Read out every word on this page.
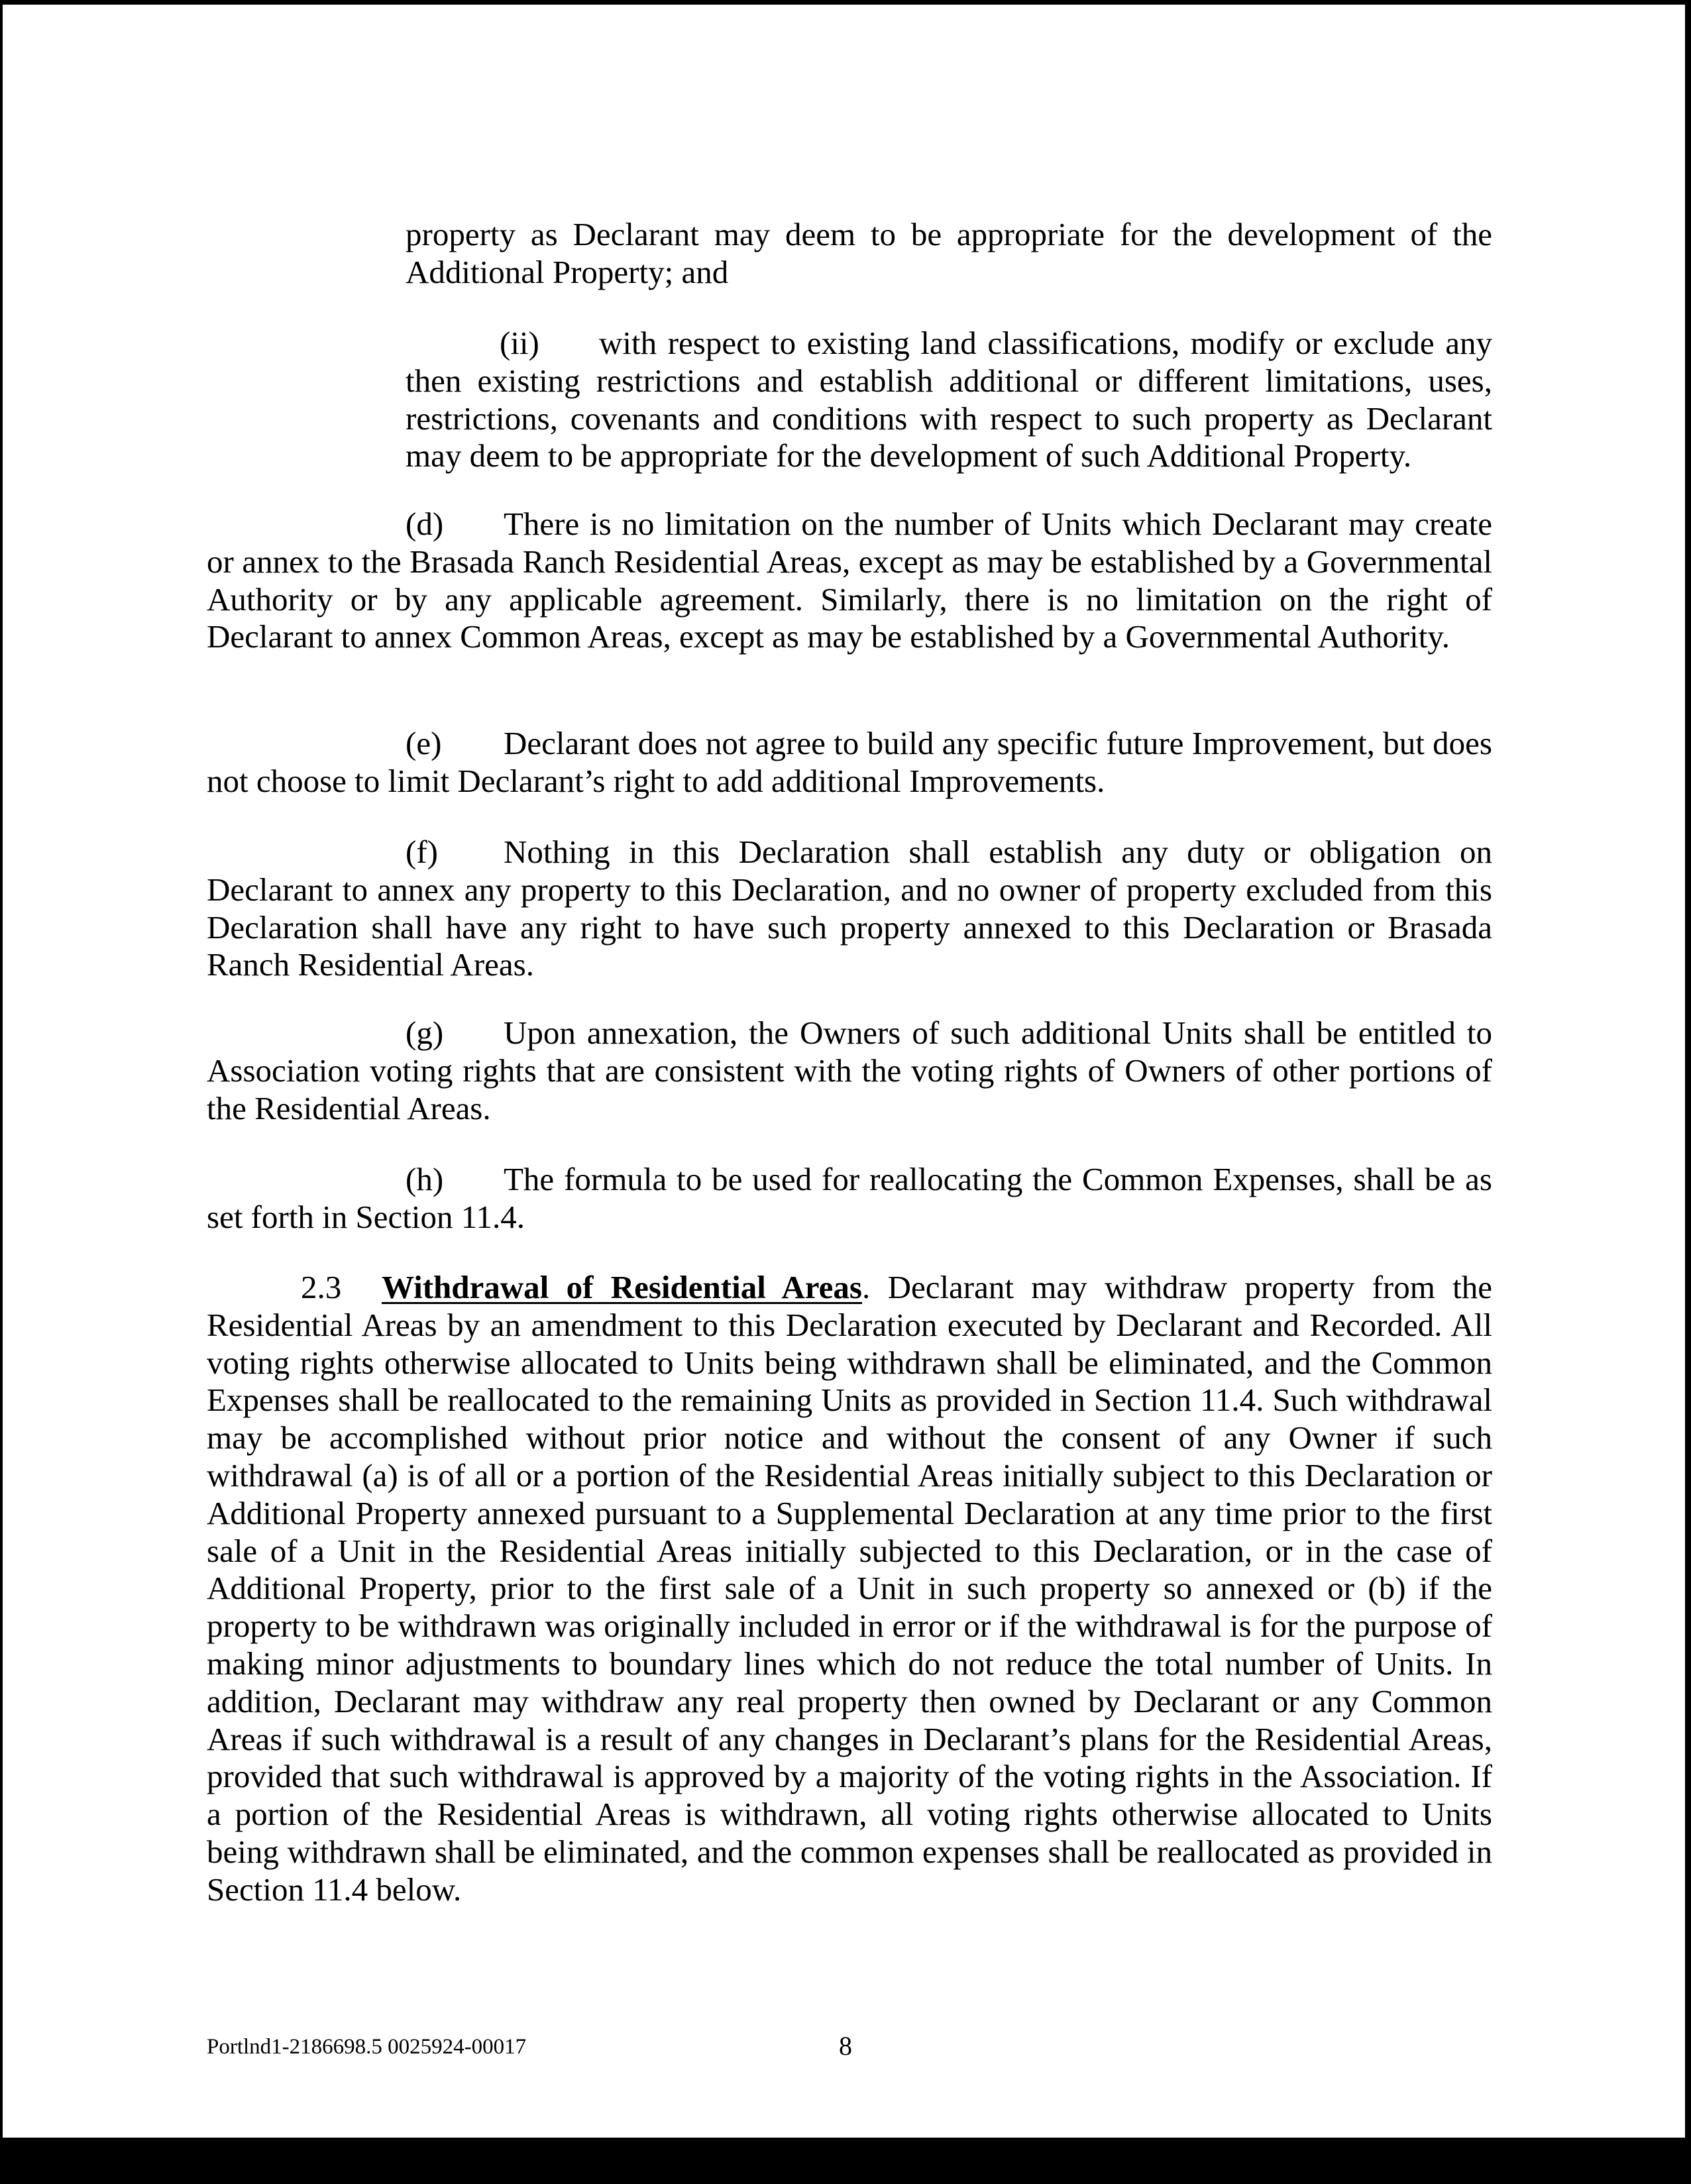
property as Declarant may deem to be appropriate for the development of the Additional Property; and

(ii) with respect to existing land classifications, modify or exclude any then existing restrictions and establish additional or different limitations, uses, restrictions, covenants and conditions with respect to such property as Declarant may deem to be appropriate for the development of such Additional Property.

(d) There is no limitation on the number of Units which Declarant may create or annex to the Brasada Ranch Residential Areas, except as may be established by a Governmental Authority or by any applicable agreement. Similarly, there is no limitation on the right of Declarant to annex Common Areas, except as may be established by a Governmental Authority.

(e) Declarant does not agree to build any specific future Improvement, but does not choose to limit Declarant’s right to add additional Improvements.

(f) Nothing in this Declaration shall establish any duty or obligation on Declarant to annex any property to this Declaration, and no owner of property excluded from this Declaration shall have any right to have such property annexed to this Declaration or Brasada Ranch Residential Areas.

(g) Upon annexation, the Owners of such additional Units shall be entitled to Association voting rights that are consistent with the voting rights of Owners of other portions of the Residential Areas.

(h) The formula to be used for reallocating the Common Expenses, shall be as set forth in Section 11.4.

2.3 Withdrawal of Residential Areas. Declarant may withdraw property from the Residential Areas by an amendment to this Declaration executed by Declarant and Recorded. All voting rights otherwise allocated to Units being withdrawn shall be eliminated, and the Common Expenses shall be reallocated to the remaining Units as provided in Section 11.4. Such withdrawal may be accomplished without prior notice and without the consent of any Owner if such withdrawal (a) is of all or a portion of the Residential Areas initially subject to this Declaration or Additional Property annexed pursuant to a Supplemental Declaration at any time prior to the first sale of a Unit in the Residential Areas initially subjected to this Declaration, or in the case of Additional Property, prior to the first sale of a Unit in such property so annexed or (b) if the property to be withdrawn was originally included in error or if the withdrawal is for the purpose of making minor adjustments to boundary lines which do not reduce the total number of Units. In addition, Declarant may withdraw any real property then owned by Declarant or any Common Areas if such withdrawal is a result of any changes in Declarant’s plans for the Residential Areas, provided that such withdrawal is approved by a majority of the voting rights in the Association. If a portion of the Residential Areas is withdrawn, all voting rights otherwise allocated to Units being withdrawn shall be eliminated, and the common expenses shall be reallocated as provided in Section 11.4 below.

Portlnd1-2186698.5 0025924-00017	8
